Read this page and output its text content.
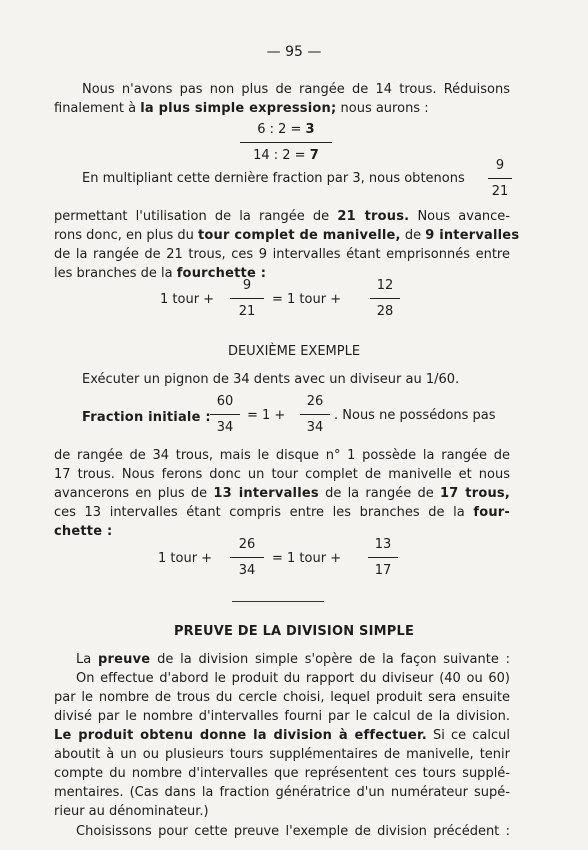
— 95 —
Nous n'avons pas non plus de rangée de 14 trous. Réduisons
finalement à la plus simple expression; nous aurons :
6 : 2 = 3
14 : 2 = 7
En multipliant cette dernière fraction par 3, nous obtenons
9
21
permettant l'utilisation de la rangée de 21 trous. Nous avance-
rons donc, en plus du tour complet de manivelle, de 9 intervalles
de la rangée de 21 trous, ces 9 intervalles étant emprisonnés entre
les branches de la fourchette :
1 tour +
9
21
= 1 tour +
12
28
DEUXIÈME EXEMPLE
Exécuter un pignon de 34 dents avec un diviseur au 1/60.
Fraction initiale :
60
34
= 1 +
26
34
. Nous ne possédons pas
de rangée de 34 trous, mais le disque n° 1 possède la rangée de
17 trous. Nous ferons donc un tour complet de manivelle et nous
avancerons en plus de 13 intervalles de la rangée de 17 trous,
ces 13 intervalles étant compris entre les branches de la four-
chette :
1 tour +
26
34
= 1 tour +
13
17
PREUVE DE LA DIVISION SIMPLE
La preuve de la division simple s'opère de la façon suivante :
On effectue d'abord le produit du rapport du diviseur (40 ou 60)
par le nombre de trous du cercle choisi, lequel produit sera ensuite
divisé par le nombre d'intervalles fourni par le calcul de la division.
Le produit obtenu donne la division à effectuer. Si ce calcul
aboutit à un ou plusieurs tours supplémentaires de manivelle, tenir
compte du nombre d'intervalles que représentent ces tours supplé-
mentaires. (Cas dans la fraction génératrice d'un numérateur supé-
rieur au dénominateur.)
Choisissons pour cette preuve l'exemple de division précédent :
